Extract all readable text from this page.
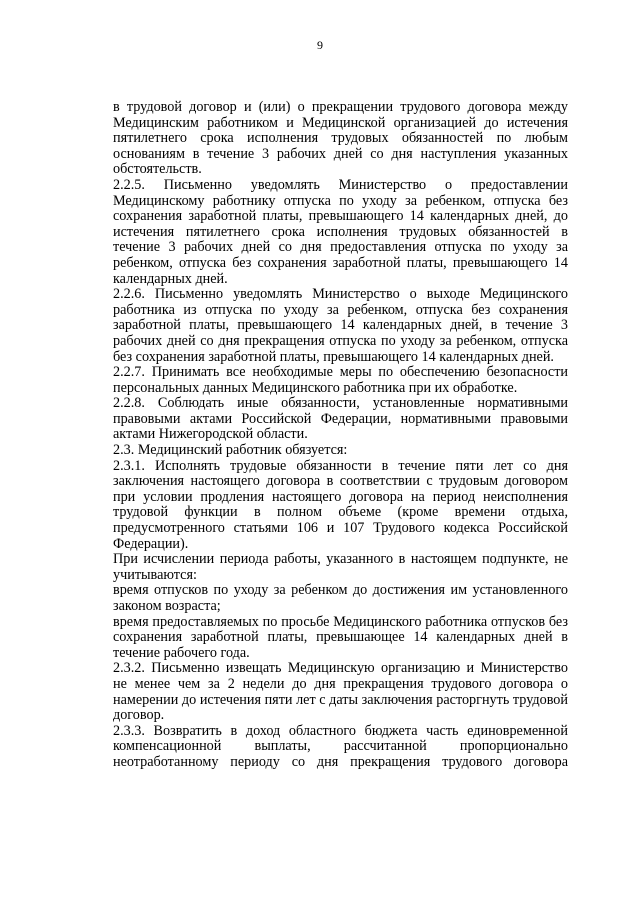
9

в трудовой договор и (или) о прекращении трудового договора между Медицинским работником и Медицинской организацией до истечения пятилетнего срока исполнения трудовых обязанностей по любым основаниям в течение 3 рабочих дней со дня наступления указанных обстоятельств.

2.2.5. Письменно уведомлять Министерство о предоставлении Медицинскому работнику отпуска по уходу за ребенком, отпуска без сохранения заработной платы, превышающего 14 календарных дней, до истечения пятилетнего срока исполнения трудовых обязанностей в течение 3 рабочих дней со дня предоставления отпуска по уходу за ребенком, отпуска без сохранения заработной платы, превышающего 14 календарных дней.

2.2.6. Письменно уведомлять Министерство о выходе Медицинского работника из отпуска по уходу за ребенком, отпуска без сохранения заработной платы, превышающего 14 календарных дней, в течение 3 рабочих дней со дня прекращения отпуска по уходу за ребенком, отпуска без сохранения заработной платы, превышающего 14 календарных дней.

2.2.7. Принимать все необходимые меры по обеспечению безопасности персональных данных Медицинского работника при их обработке.

2.2.8. Соблюдать иные обязанности, установленные нормативными правовыми актами Российской Федерации, нормативными правовыми актами Нижегородской области.

2.3. Медицинский работник обязуется:

2.3.1. Исполнять трудовые обязанности в течение пяти лет со дня заключения настоящего договора в соответствии с трудовым договором при условии продления настоящего договора на период неисполнения трудовой функции в полном объеме (кроме времени отдыха, предусмотренного статьями 106 и 107 Трудового кодекса Российской Федерации).

При исчислении периода работы, указанного в настоящем подпункте, не учитываются:

время отпусков по уходу за ребенком до достижения им установленного законом возраста;

время предоставляемых по просьбе Медицинского работника отпусков без сохранения заработной платы, превышающее 14 календарных дней в течение рабочего года.

2.3.2. Письменно извещать Медицинскую организацию и Министерство не менее чем за 2 недели до дня прекращения трудового договора о намерении до истечения пяти лет с даты заключения расторгнуть трудовой договор.

2.3.3. Возвратить в доход областного бюджета часть единовременной компенсационной выплаты, рассчитанной пропорционально неотработанному периоду со дня прекращения трудового договора
